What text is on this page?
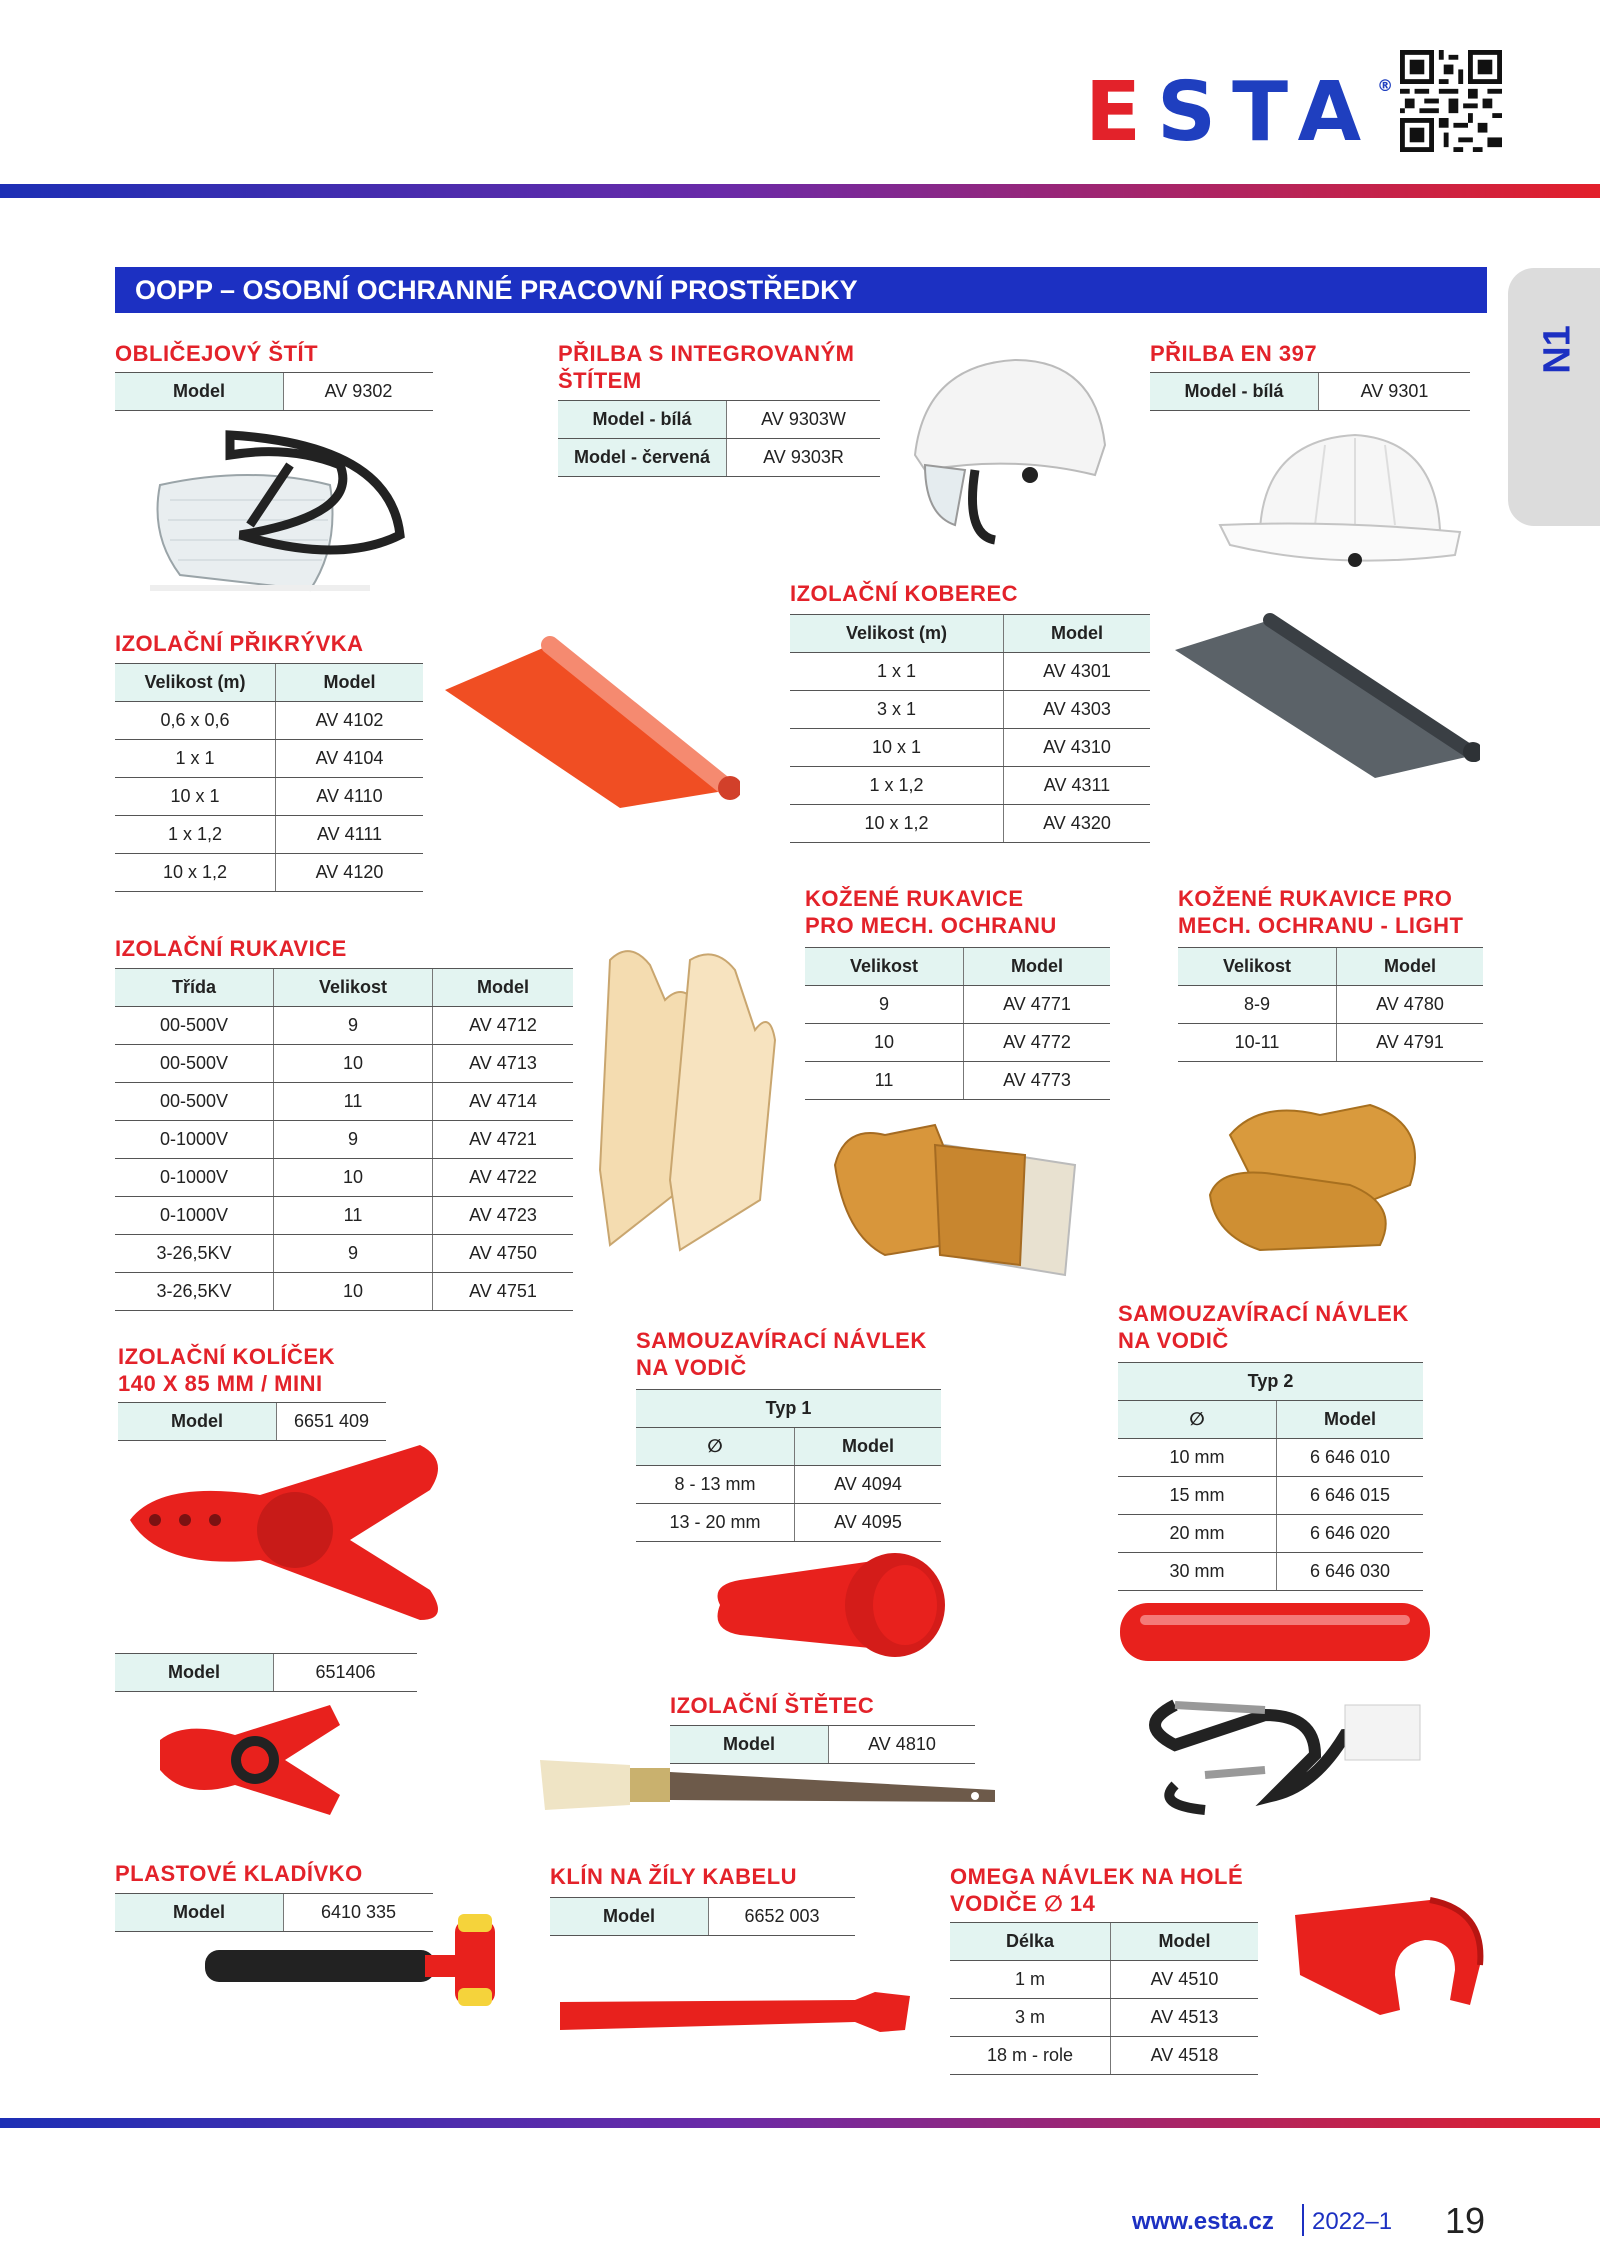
ESTA®
OOPP – OSOBNÍ OCHRANNÉ PRACOVNÍ PROSTŘEDKY
N1
OBLIČEJOVÝ ŠTÍT
Model	AV 9302
PŘILBA S INTEGROVANÝM
ŠTÍTEM
Model - bílá	AV 9303W
Model - červená	AV 9303R
PŘILBA EN 397
Model - bílá	AV 9301
IZOLAČNÍ KOBEREC
Velikost (m)	Model
1 x 1	AV 4301
3 x 1	AV 4303
10 x 1	AV 4310
1 x 1,2	AV 4311
10 x 1,2	AV 4320
IZOLAČNÍ PŘIKRÝVKA
Velikost (m)	Model
0,6 x 0,6	AV 4102
1 x 1	AV 4104
10 x 1	AV 4110
1 x 1,2	AV 4111
10 x 1,2	AV 4120
IZOLAČNÍ RUKAVICE
Třída	Velikost	Model
00-500V	9	AV 4712
00-500V	10	AV 4713
00-500V	11	AV 4714
0-1000V	9	AV 4721
0-1000V	10	AV 4722
0-1000V	11	AV 4723
3-26,5KV	9	AV 4750
3-26,5KV	10	AV 4751
KOŽENÉ RUKAVICE
PRO MECH. OCHRANU
Velikost	Model
9	AV 4771
10	AV 4772
11	AV 4773
KOŽENÉ RUKAVICE PRO
MECH. OCHRANU - LIGHT
Velikost	Model
8-9	AV 4780
10-11	AV 4791
IZOLAČNÍ KOLÍČEK
140 X 85 MM / MINI
Model	6651 409
Model	651406
SAMOUZAVÍRACÍ NÁVLEK
NA VODIČ
Typ 1	
∅	Model
8 - 13 mm	AV 4094
13 - 20 mm	AV 4095
SAMOUZAVÍRACÍ NÁVLEK
NA VODIČ
Typ 2	
∅	Model
10 mm	6 646 010
15 mm	6 646 015
20 mm	6 646 020
30 mm	6 646 030
IZOLAČNÍ ŠTĚTEC
Model	AV 4810
PLASTOVÉ KLADÍVKO
Model	6410 335
KLÍN NA ŽÍLY KABELU
Model	6652 003
OMEGA NÁVLEK NA HOLÉ
VODIČE ∅ 14
Délka	Model
1 m	AV 4510
3 m	AV 4513
18 m - role	AV 4518
www.esta.cz 2022–1 19
